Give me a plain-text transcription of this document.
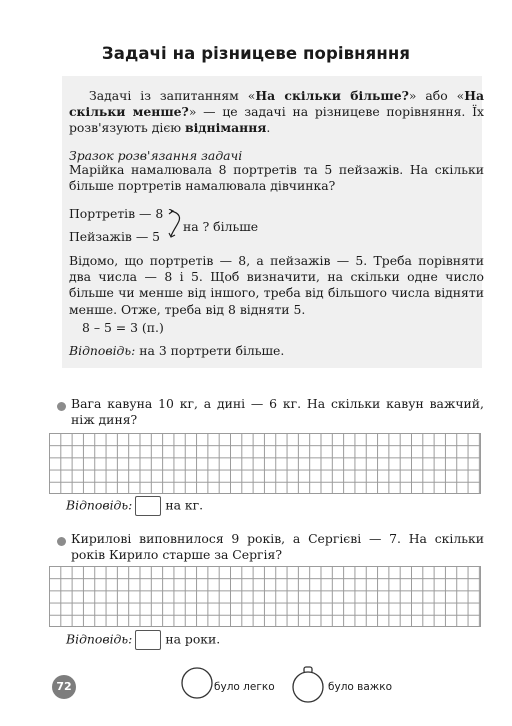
Задачі на різницеве порівняння
Задачі із запитанням «На скільки більше?» або «На скільки менше?» — це задачі на різницеве порівняння. Їх розв'язують дією віднімання.
Зразок розв'язання задачі
Марійка намалювала 8 портретів та 5 пейзажів. На скільки більше портретів намалювала дівчинка?
Портретів — 8
Пейзажів — 5
на ? більше
Відомо, що портретів — 8, а пейзажів — 5. Треба порівняти два числа — 8 і 5. Щоб визначити, на скільки одне число більше чи менше від іншого, треба від більшого числа відняти менше. Отже, треба від 8 відняти 5.
8 – 5 = 3 (п.)
Відповідь: на 3 портрети більше.
Вага кавуна 10 кг, а дині — 6 кг. На скільки кавун важчий, ніж диня?
Відповідь:	на кг.
Кирилові виповнилося 9 років, а Сергієві — 7. На скільки років Кирило старше за Сергія?
Відповідь:	на роки.
72	було легко	було важко
